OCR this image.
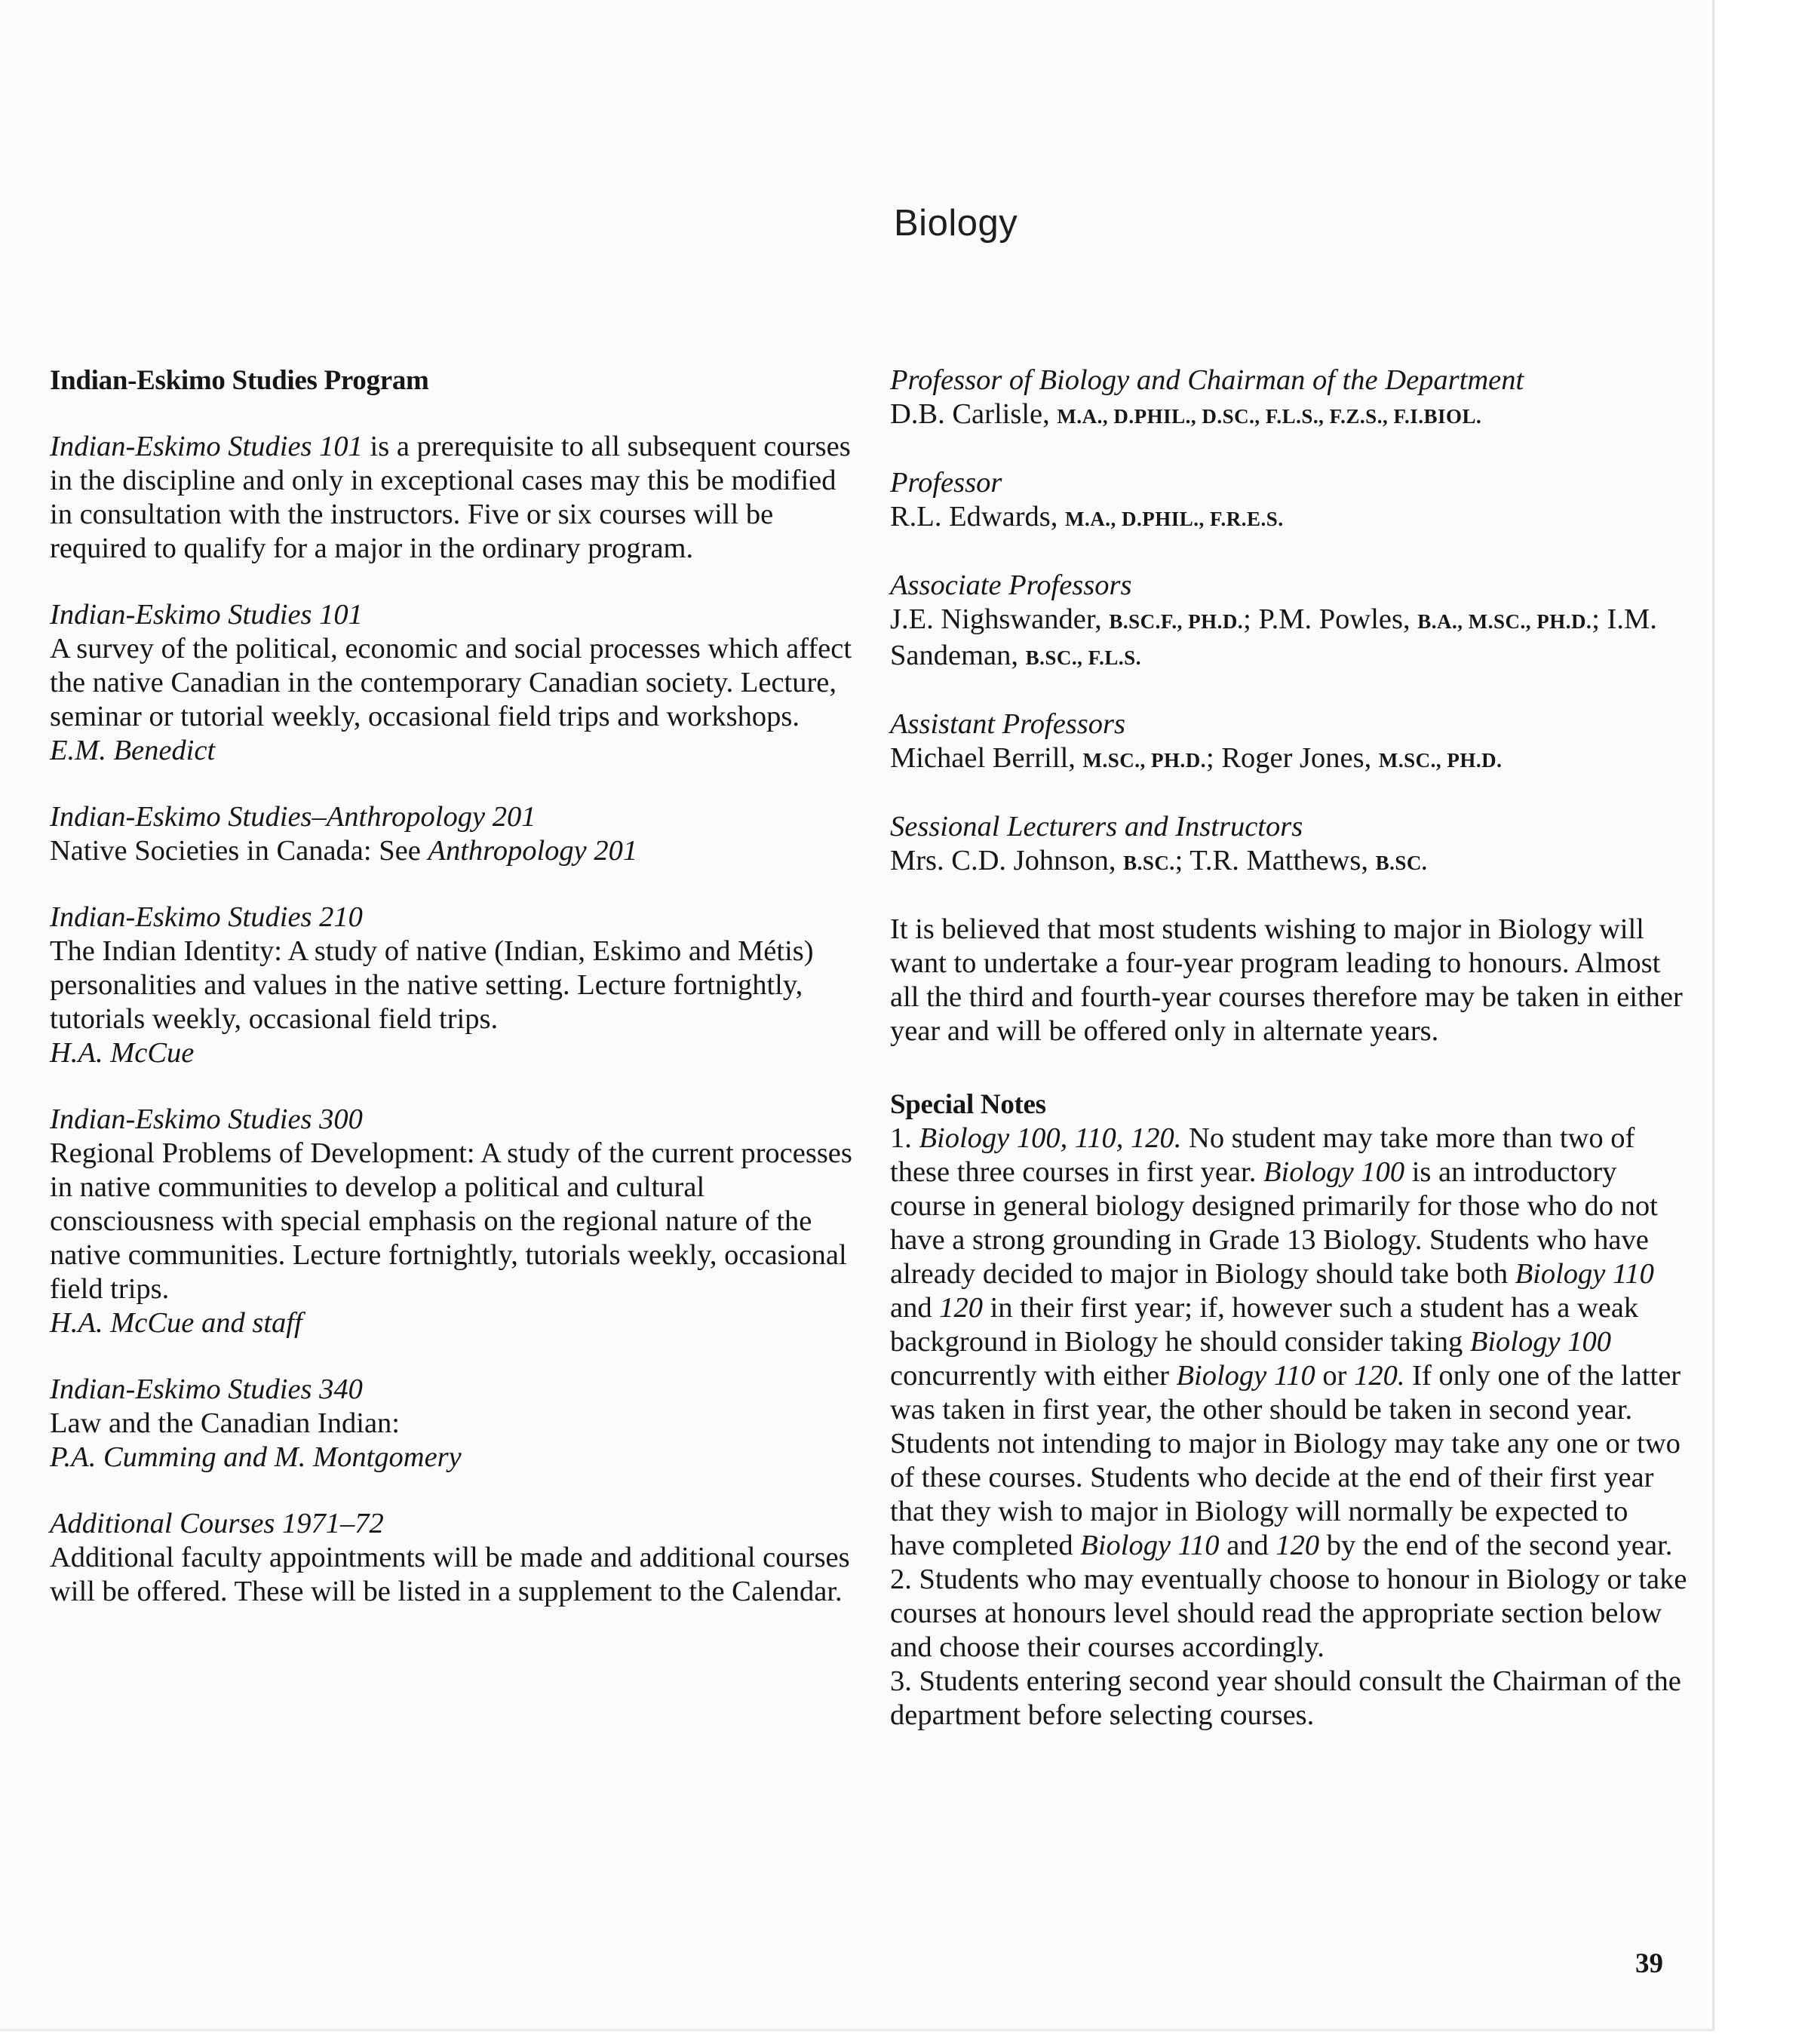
Biology

Indian-Eskimo Studies Program

Indian-Eskimo Studies 101 is a prerequisite to all subsequent courses in the discipline and only in exceptional cases may this be modified in consultation with the instructors. Five or six courses will be required to qualify for a major in the ordinary program.

Indian-Eskimo Studies 101

A survey of the political, economic and social processes which affect the native Canadian in the contemporary Canadian society. Lecture, seminar or tutorial weekly, occasional field trips and workshops.

E.M. Benedict

Indian-Eskimo Studies–Anthropology 201

Native Societies in Canada: See Anthropology 201

Indian-Eskimo Studies 210

The Indian Identity: A study of native (Indian, Eskimo and Métis) personalities and values in the native setting. Lecture fortnightly, tutorials weekly, occasional field trips.

H.A. McCue

Indian-Eskimo Studies 300

Regional Problems of Development: A study of the current processes in native communities to develop a political and cultural consciousness with special emphasis on the regional nature of the native communities. Lecture fortnightly, tutorials weekly, occasional field trips.

H.A. McCue and staff

Indian-Eskimo Studies 340

Law and the Canadian Indian:

P.A. Cumming and M. Montgomery

Additional Courses 1971–72

Additional faculty appointments will be made and additional courses will be offered. These will be listed in a supplement to the Calendar.

Professor of Biology and Chairman of the Department

D.B. Carlisle, M.A., D.PHIL., D.SC., F.L.S., F.Z.S., F.I.BIOL.

Professor

R.L. Edwards, M.A., D.PHIL., F.R.E.S.

Associate Professors

J.E. Nighswander, B.SC.F., PH.D.; P.M. Powles, B.A., M.SC., PH.D.; I.M. Sandeman, B.SC., F.L.S.

Assistant Professors

Michael Berrill, M.SC., PH.D.; Roger Jones, M.SC., PH.D.

Sessional Lecturers and Instructors

Mrs. C.D. Johnson, B.SC.; T.R. Matthews, B.SC.

It is believed that most students wishing to major in Biology will want to undertake a four-year program leading to honours. Almost all the third and fourth-year courses therefore may be taken in either year and will be offered only in alternate years.

Special Notes

1. Biology 100, 110, 120. No student may take more than two of these three courses in first year. Biology 100 is an introductory course in general biology designed primarily for those who do not have a strong grounding in Grade 13 Biology. Students who have already decided to major in Biology should take both Biology 110 and 120 in their first year; if, however such a student has a weak background in Biology he should consider taking Biology 100 concurrently with either Biology 110 or 120. If only one of the latter was taken in first year, the other should be taken in second year. Students not intending to major in Biology may take any one or two of these courses. Students who decide at the end of their first year that they wish to major in Biology will normally be expected to have completed Biology 110 and 120 by the end of the second year.

2. Students who may eventually choose to honour in Biology or take courses at honours level should read the appropriate section below and choose their courses accordingly.

3. Students entering second year should consult the Chairman of the department before selecting courses.

39
